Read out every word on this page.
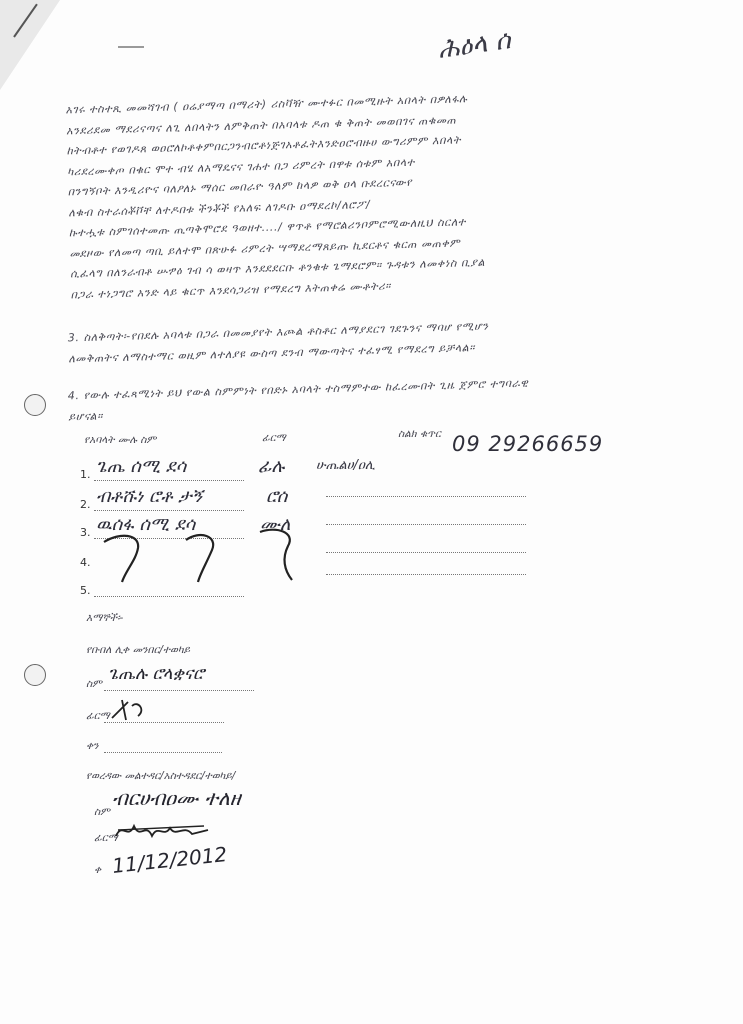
ሕዕላ ሰ
አገሩ ተስተጺ መመሻገብ ( ዐሬያማጣ በማሪት) ሪስቫዥ ሙተፉር በመሚዙት አበላት በዎለፋሉ
አንደሪደመ ማደሪናጣና ለጊ ለበላትን ለምቅጠት በአባላቱ ዶጠ ቁ ቅጠት መወበገና ጠቁመጠ
ከትብቶተ የወገዶጸ ወዐሮለኮቶቀምበርጋንብሮቶነጅገአቶፈትእንድዐሮብዙሀ ውግሪምም እበላት
ካሪደረሙቀጦ በቁር ሞተ ብሄ ለአማዴናና ገሐተ በጋ ሪምረት በዋቱ ሰቱም አበላተ
በንግኝቦት እንዲሪዮና ባለዖለኑ ማሰር መበራዮ ዓለም ከላዎ ወቅ ዐላ ቡደረርናውየ
ለቁብ ስተራሰቾቮቸ ለተዶበቱ ችንቾች የአለፍ ለገዶቡ ዐማደረኮ/ለሮፖ/
ኩተሗቱ ስምገሰተመጡ ጢጣቅሞሮደ ዓወዘተ..../ ዋጥቶ የማሮልሪንቦምሮሚውለዚህ ስርለተ
መደዞው የለመጣ ጣቢ ይለተሞ በጽሁፉ ሪምረት ሣማደረማጸይጡ ኪደርቶና ቁርጠ መጠቀም
ሲፈላግ በለንራብቶ ሡፇዕ ገብ ሳ ወዛጥ እንደደደርቡ ቶንቁቱ ጌማደሮም። ጉዳቱን ለመቀነስ ቢያል
በጋራ ተነጋግሮ አንድ ላይ ቁርጥ እንደሳጋሪዝ የማደረግ እትጠቀሬ ሙቶትሪ።
3. ስለቅጣት፡-የበደሉ አባላቱ በጋራ በመመያየት እጮል ቶስቶር ለማያደርገ ገደጉንና ማባሆ የሚሆን
ለመቅጠትና ለማስተማር ወዚም ለተለያዩ ውስጣ ደንብ ማውጣትና ተፈፃሚ የማደረግ ይቻላል።
4. የውሉ ተፈጻሚነት ይህ የውል ስምምነት የበድኑ አባላት ተስማምተው ከፈረሙበት ጊዜ ጀምሮ ተግባራዊ
ይሆናል።
የአባላት ሙሉ ስም	ፊርማ	ስልክ ቁጥር 09 29266659
1. ጌጤ ሰሚ ደሳ	ፊሉ ሁጤልሀ/ዐሊ
2. ብቶሹነ ሮቶ ታኝ	ሮሰ
3. ዉሰፋ ሰሚ ደሳ	ሙለ
4.
5.
እማኞች፡-
የቡበለ ሊቀ መንበር/ተወካይ
ስም ጌጤሉ ሮላቋናሮ
ፊርማ
ቀን
የወረዳው መልተዳር/አስተዳደር/ተወካይ/
ስም
ብርሀብዐሙ ተለዘ
ፊርማ
ቀ 11/12/2012
